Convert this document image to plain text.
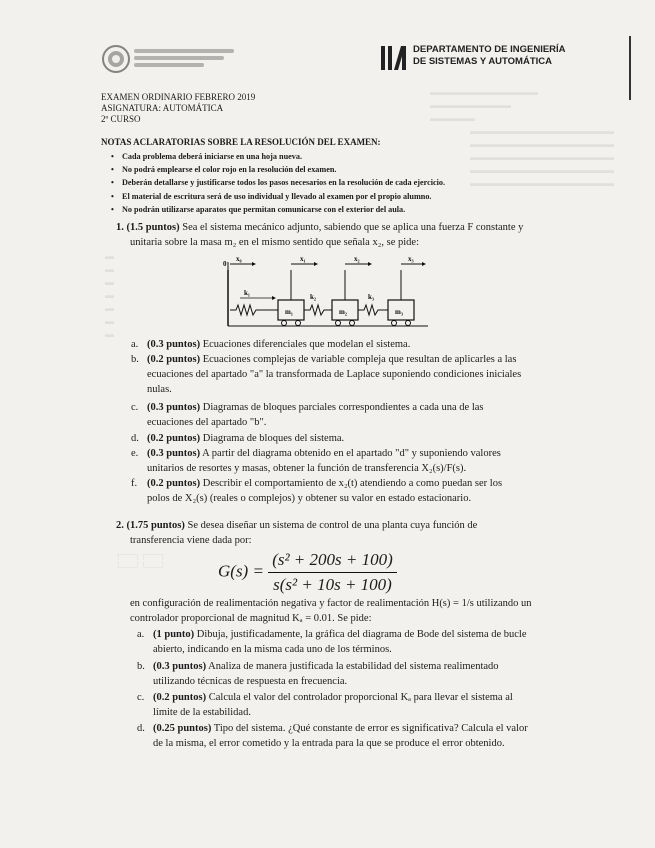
▬▬▬▬▬▬▬▬▬▬▬▬
▬▬▬▬▬▬▬▬▬
▬▬▬▬▬
▬▬▬▬▬▬▬▬▬▬▬▬▬▬▬▬
▬▬▬▬▬▬▬▬▬▬▬▬▬▬▬▬
▬▬▬▬▬▬▬▬▬▬▬▬▬▬▬▬
▬▬▬▬▬▬▬▬▬▬▬▬▬▬▬▬
▬▬▬▬▬▬▬▬▬▬▬▬▬▬▬▬
▬
▬
▬
▬
▬
▬
▬
┌──┐┌──┐
└──┘└──┘
DEPARTAMENTO DE INGENIERÍA
DE SISTEMAS Y AUTOMÁTICA
EXAMEN ORDINARIO FEBRERO 2019
ASIGNATURA: AUTOMÁTICA
2º CURSO
NOTAS ACLARATORIAS SOBRE LA RESOLUCIÓN DEL EXAMEN:
• Cada problema deberá iniciarse en una hoja nueva.
• No podrá emplearse el color rojo en la resolución del examen.
• Deberán detallarse y justificarse todos los pasos necesarios en la resolución de cada ejercicio.
• El material de escritura será de uso individual y llevado al examen por el propio alumno.
• No podrán utilizarse aparatos que permitan comunicarse con el exterior del aula.
1. (1.5 puntos) Sea el sistema mecánico adjunto, sabiendo que se aplica una fuerza F constante y
unitaria sobre la masa m₂ en el mismo sentido que señala x₂, se pide:
0
x₀
k₁
m₁
x₁
k₂
m₂
x₂
k₃
m₃
x₃
a. (0.3 puntos) Ecuaciones diferenciales que modelan el sistema.
b. (0.2 puntos) Ecuaciones complejas de variable compleja que resultan de aplicarles a las
ecuaciones del apartado "a" la transformada de Laplace suponiendo condiciones iniciales
nulas.
c. (0.3 puntos) Diagramas de bloques parciales correspondientes a cada una de las
ecuaciones del apartado "b".
d. (0.2 puntos) Diagrama de bloques del sistema.
e. (0.3 puntos) A partir del diagrama obtenido en el apartado "d" y suponiendo valores
unitarios de resortes y masas, obtener la función de transferencia X₂(s)/F(s).
f. (0.2 puntos) Describir el comportamiento de x₂(t) atendiendo a como puedan ser los
polos de X₂(s) (reales o complejos) y obtener su valor en estado estacionario.
2. (1.75 puntos) Se desea diseñar un sistema de control de una planta cuya función de
transferencia viene dada por:
$G(s) = \frac{\text{(s² + 200s + 100)}}{\text{s(s² + 10s + 100)}}$
en configuración de realimentación negativa y factor de realimentación H(s) = 1/s utilizando un
controlador proporcional de magnitud Kₐ = 0.01. Se pide:
a. (1 punto) Dibuja, justificadamente, la gráfica del diagrama de Bode del sistema de bucle
abierto, indicando en la misma cada uno de los términos.
b. (0.3 puntos) Analiza de manera justificada la estabilidad del sistema realimentado
utilizando técnicas de respuesta en frecuencia.
c. (0.2 puntos) Calcula el valor del controlador proporcional Kₐ para llevar el sistema al
límite de la estabilidad.
d. (0.25 puntos) Tipo del sistema. ¿Qué constante de error es significativa? Calcula el valor
de la misma, el error cometido y la entrada para la que se produce el error obtenido.
